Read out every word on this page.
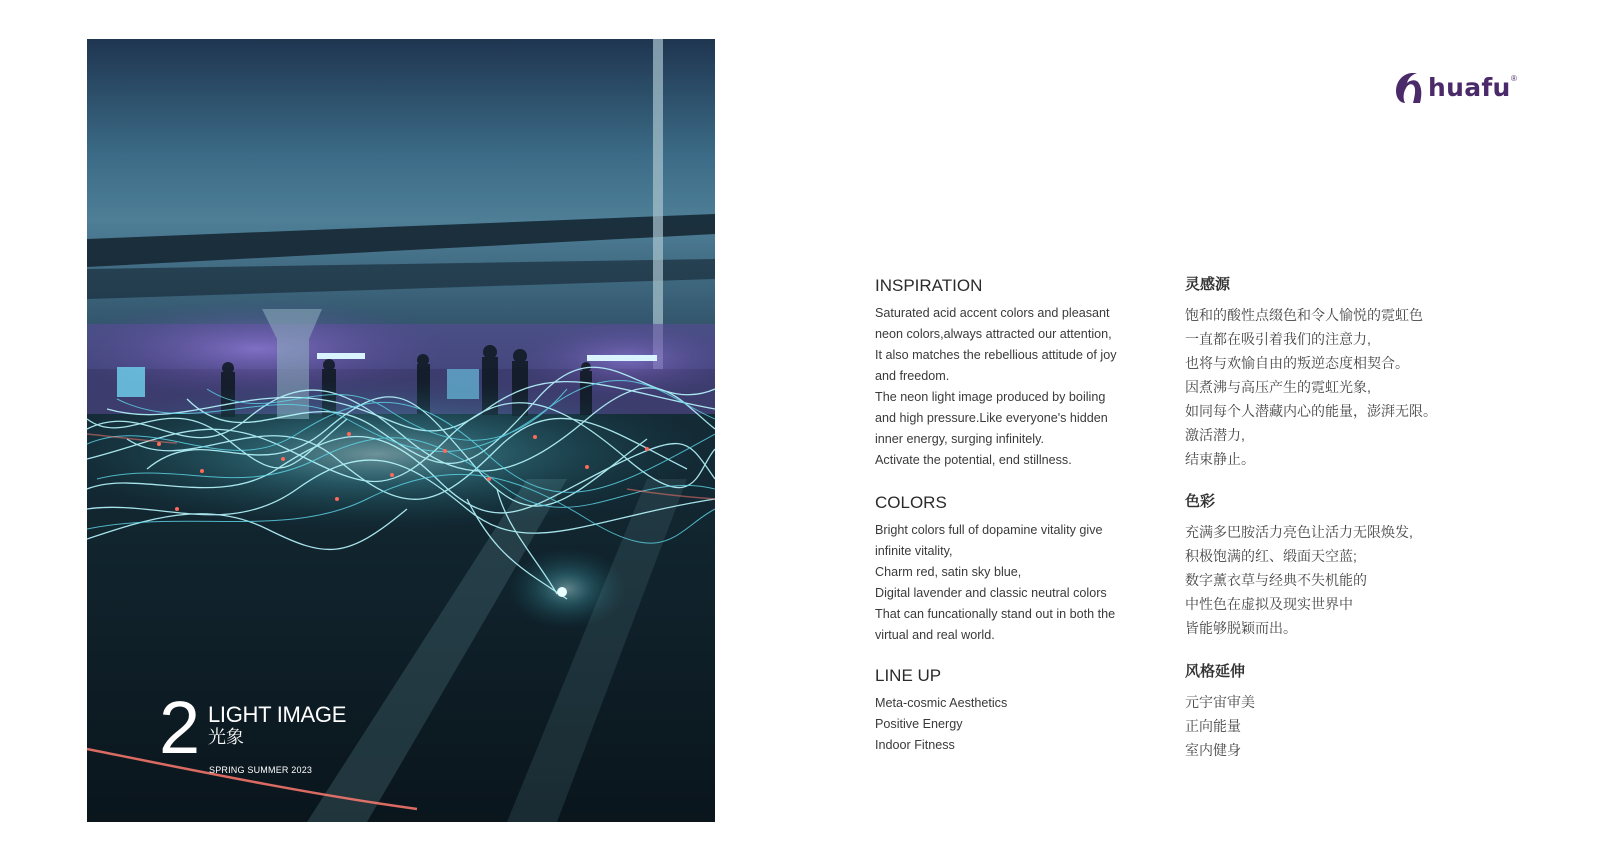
2 LIGHT IMAGE
光象
SPRING SUMMER 2023
huafu ®
INSPIRATION
Saturated acid accent colors and pleasant
neon colors,always attracted our attention,
It also matches the rebellious attitude of joy
and freedom.
The neon light image produced by boiling
and high pressure.Like everyone's hidden
inner energy, surging infinitely.
Activate the potential, end stillness.
COLORS
Bright colors full of dopamine vitality give
infinite vitality,
Charm red, satin sky blue,
Digital lavender and classic neutral colors
That can funcationally stand out in both the
virtual and real world.
LINE UP
Meta-cosmic Aesthetics
Positive Energy
Indoor Fitness
灵感源
饱和的酸性点缀色和令人愉悦的霓虹色
一直都在吸引着我们的注意力,
也将与欢愉自由的叛逆态度相契合。
因煮沸与高压产生的霓虹光象,
如同每个人潜藏内心的能量，澎湃无限。
激活潜力,
结束静止。
色彩
充满多巴胺活力亮色让活力无限焕发,
积极饱满的红、缎面天空蓝;
数字薰衣草与经典不失机能的
中性色在虚拟及现实世界中
皆能够脱颖而出。
风格延伸
元宇宙审美
正向能量
室内健身
